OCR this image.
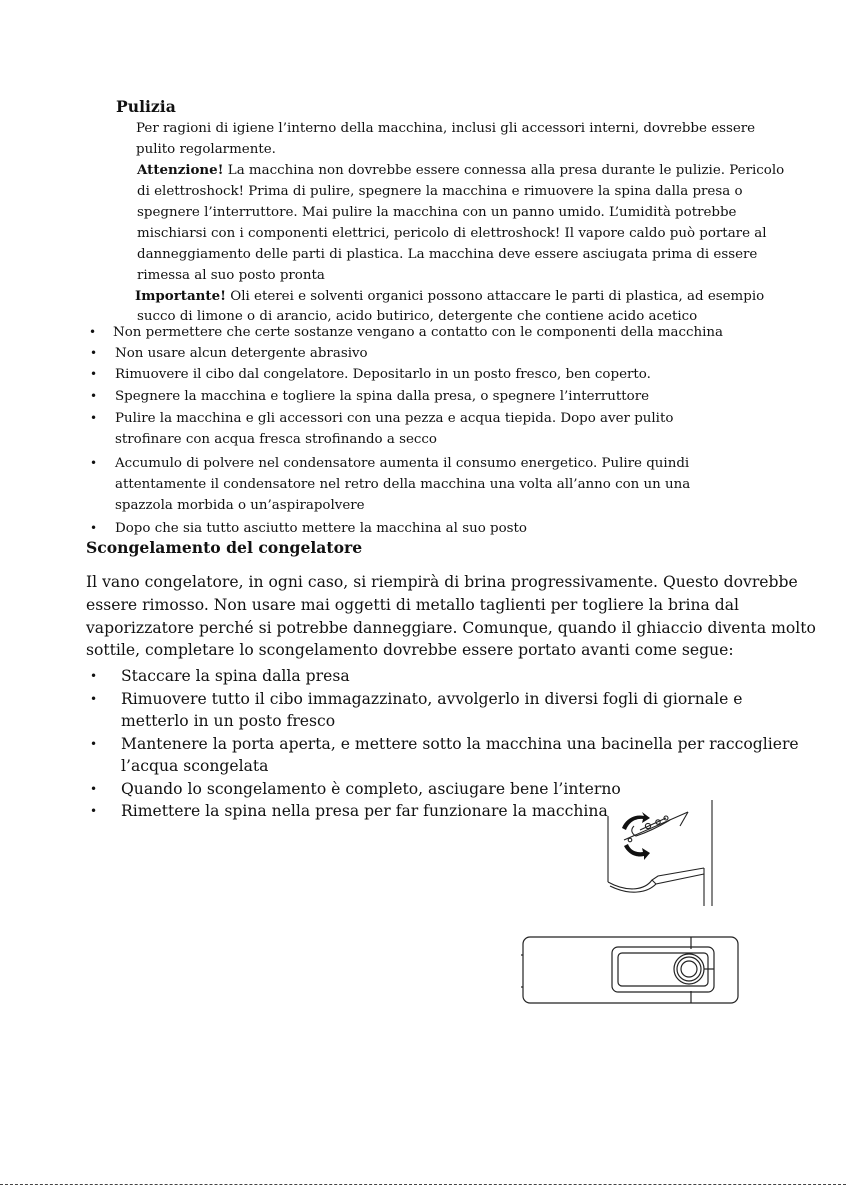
Pulizia
Per ragioni di igiene l’interno della macchina, inclusi gli accessori interni, dovrebbe essere
pulito regolarmente.
Attenzione! La macchina non dovrebbe essere connessa alla presa durante le pulizie. Pericolo
di elettroshock! Prima di pulire, spegnere la macchina e rimuovere la spina dalla presa o
spegnere l’interruttore. Mai pulire la macchina con un panno umido. L’umidità potrebbe
mischiarsi con i componenti elettrici, pericolo di elettroshock! Il vapore caldo può portare al
danneggiamento delle parti di plastica. La macchina deve essere asciugata prima di essere
rimessa al suo posto pronta
Importante! Oli eterei e solventi organici possono attaccare le parti di plastica, ad esempio
succo di limone o di arancio, acido butirico, detergente che contiene acido acetico
• Non permettere che certe sostanze vengano a contatto con le componenti della macchina
• Non usare alcun detergente abrasivo
• Rimuovere il cibo dal congelatore. Depositarlo in un posto fresco, ben coperto.
• Spegnere la macchina e togliere la spina dalla presa, o spegnere l’interruttore
• Pulire la macchina e gli accessori con una pezza e acqua tiepida. Dopo aver pulito
strofinare con acqua fresca strofinando a secco
• Accumulo di polvere nel condensatore aumenta il consumo energetico. Pulire quindi
attentamente il condensatore nel retro della macchina una volta all’anno con un una
spazzola morbida o un’aspirapolvere
• Dopo che sia tutto asciutto mettere la macchina al suo posto
Scongelamento del congelatore
Il vano congelatore, in ogni caso, si riempirà di brina progressivamente. Questo dovrebbe
essere rimosso. Non usare mai oggetti di metallo taglienti per togliere la brina dal
vaporizzatore perché si potrebbe danneggiare. Comunque, quando il ghiaccio diventa molto
sottile, completare lo scongelamento dovrebbe essere portato avanti come segue:
• Staccare la spina dalla presa
• Rimuovere tutto il cibo immagazzinato, avvolgerlo in diversi fogli di giornale e
metterlo in un posto fresco
• Mantenere la porta aperta, e mettere sotto la macchina una bacinella per raccogliere
l’acqua scongelata
• Quando lo scongelamento è completo, asciugare bene l’interno
• Rimettere la spina nella presa per far funzionare la macchina
